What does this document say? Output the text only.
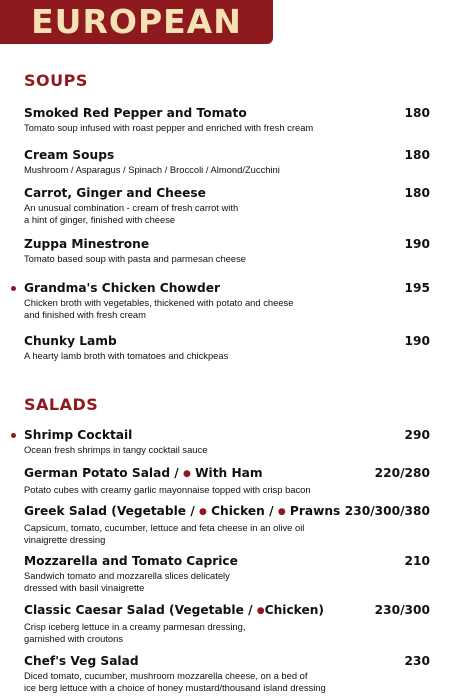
EUROPEAN
SOUPS
Smoked Red Pepper and Tomato
Tomato soup infused with roast pepper and enriched with fresh cream
180
Cream Soups
Mushroom / Asparagus / Spinach / Broccoli / Almond/Zucchini
180
Carrot, Ginger and Cheese
An unusual combination - cream of fresh carrot with
a hint of ginger, finished with cheese
180
Zuppa Minestrone
Tomato based soup with pasta and parmesan cheese
190
Grandma's Chicken Chowder
Chicken broth with vegetables, thickened with potato and cheese
and finished with fresh cream
195
Chunky Lamb
A hearty lamb broth with tomatoes and chickpeas
190
SALADS
Shrimp Cocktail
Ocean fresh shrimps in tangy cocktail sauce
290
German Potato Salad / ● With Ham
Potato cubes with creamy garlic mayonnaise topped with crisp bacon
220/280
Greek Salad (Vegetable / ● Chicken / ● Prawns
Capsicum, tomato, cucumber, lettuce and feta cheese in an olive oil
vinaigrette dressing
230/300/380
Mozzarella and Tomato Caprice
Sandwich tomato and mozzarella slices delicately
dressed with basil vinaigrette
210
Classic Caesar Salad (Vegetable / ●Chicken)
Crisp iceberg lettuce in a creamy parmesan dressing,
garnished with croutons
230/300
Chef's Veg Salad
Diced tomato, cucumber, mushroom mozzarella cheese, on a bed of
ice berg lettuce with a choice of honey mustard/thousand island dressing
230
